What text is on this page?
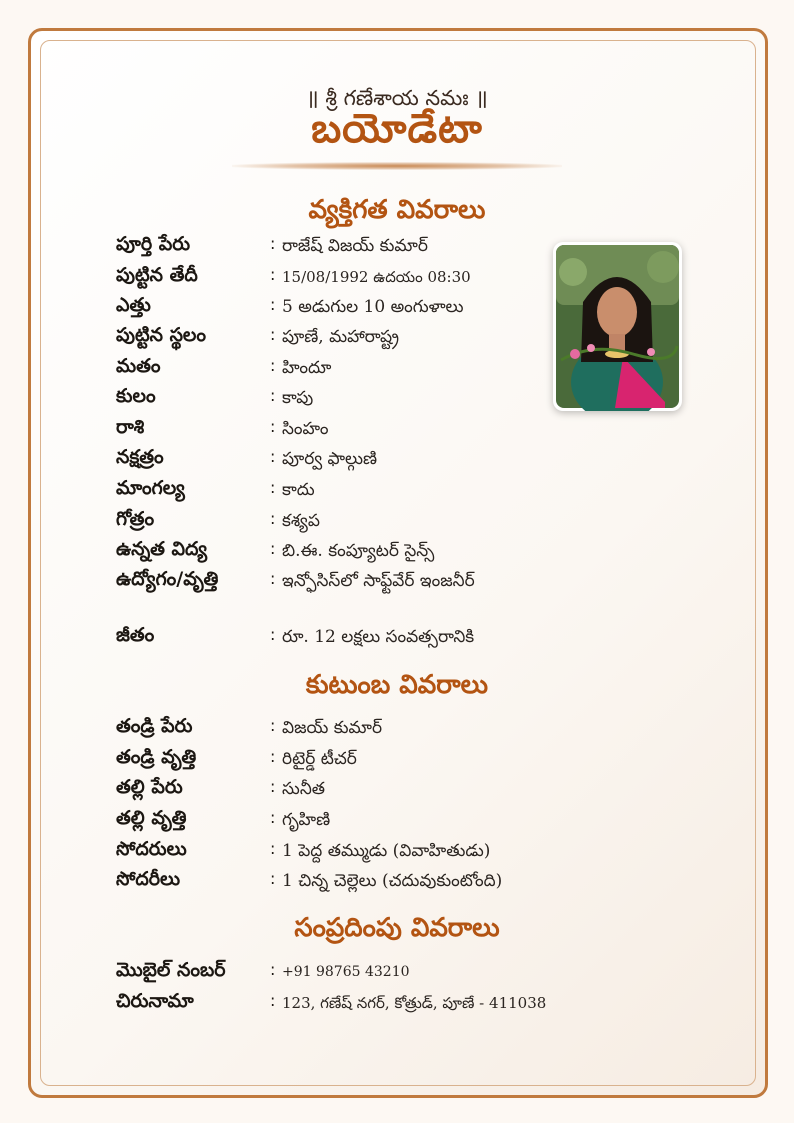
॥ శ్రీ గణేశాయ నమః ॥
బయోడేటా
వ్యక్తిగత వివరాలు
పూర్తి పేరు	: రాజేష్ విజయ్ కుమార్
పుట్టిన తేదీ	: 15/08/1992 ఉదయం 08:30
ఎత్తు	: 5 అడుగుల 10 అంగుళాలు
పుట్టిన స్థలం	: పూణే, మహారాష్ట్ర
మతం	: హిందూ
కులం	: కాపు
రాశి	: సింహం
నక్షత్రం	: పూర్వ ఫాల్గుణి
మాంగల్య	: కాదు
గోత్రం	: కశ్యప
ఉన్నత విద్య	: బి.ఈ. కంప్యూటర్ సైన్స్
ఉద్యోగం/వృత్తి	: ఇన్ఫోసిస్‌లో సాఫ్ట్‌వేర్ ఇంజనీర్
జీతం	: రూ. 12 లక్షలు సంవత్సరానికి
కుటుంబ వివరాలు
తండ్రి పేరు	: విజయ్ కుమార్
తండ్రి వృత్తి	: రిటైర్డ్ టీచర్
తల్లి పేరు	: సునీత
తల్లి వృత్తి	: గృహిణి
సోదరులు	: 1 పెద్ద తమ్ముడు (వివాహితుడు)
సోదరీలు	: 1 చిన్న చెల్లెలు (చదువుకుంటోంది)
సంప్రదింపు వివరాలు
మొబైల్ నంబర్	: +91 98765 43210
చిరునామా	: 123, గణేష్ నగర్, కోత్రుడ్, పూణే - 411038
